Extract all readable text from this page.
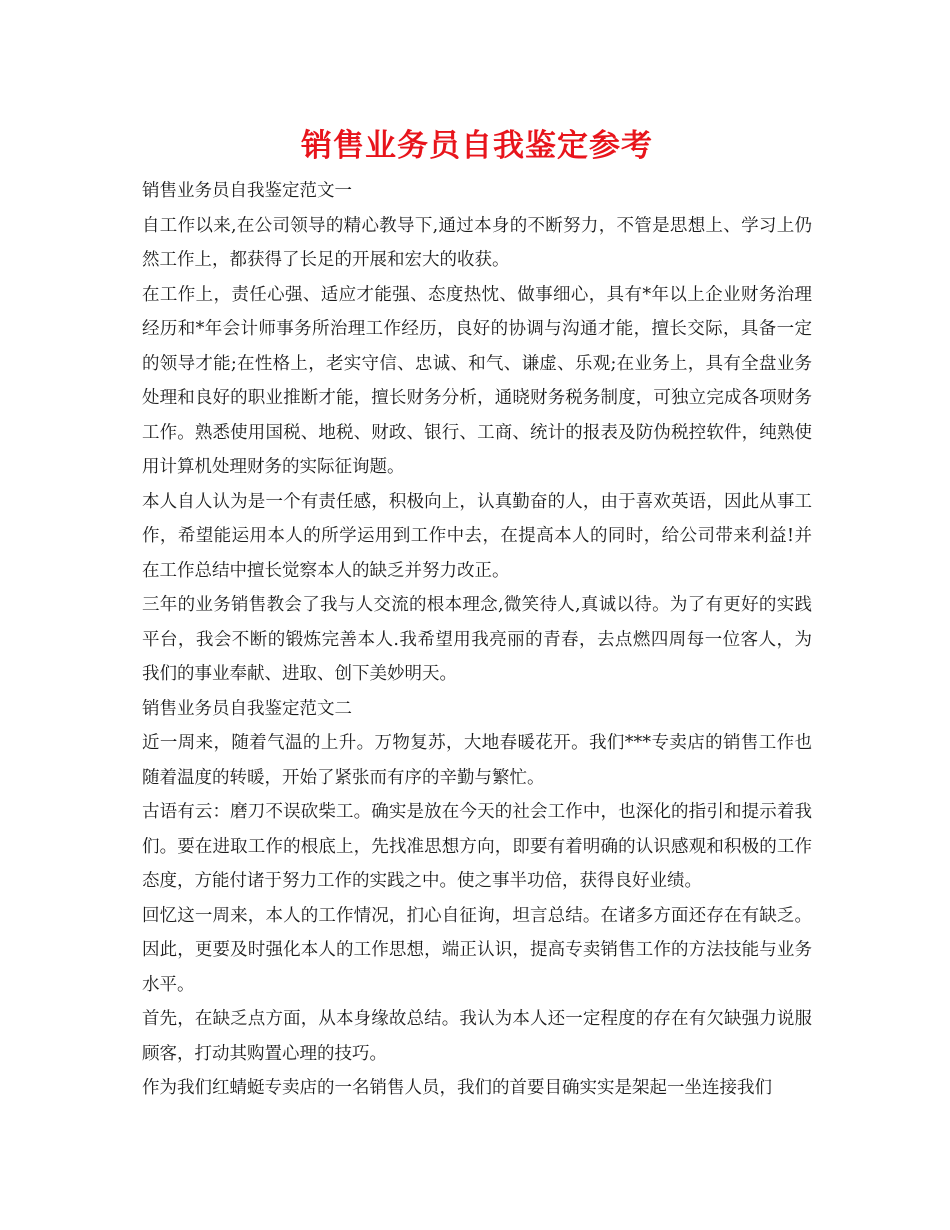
销售业务员自我鉴定参考

销售业务员自我鉴定范文一

自工作以来,在公司领导的精心教导下,通过本身的不断努力，不管是思想上、学习上仍然工作上，都获得了长足的开展和宏大的收获。

在工作上，责任心强、适应才能强、态度热忱、做事细心，具有*年以上企业财务治理经历和*年会计师事务所治理工作经历，良好的协调与沟通才能，擅长交际，具备一定的领导才能;在性格上，老实守信、忠诚、和气、谦虚、乐观;在业务上，具有全盘业务处理和良好的职业推断才能，擅长财务分析，通晓财务税务制度，可独立完成各项财务工作。熟悉使用国税、地税、财政、银行、工商、统计的报表及防伪税控软件，纯熟使用计算机处理财务的实际征询题。

本人自人认为是一个有责任感，积极向上，认真勤奋的人，由于喜欢英语，因此从事工作，希望能运用本人的所学运用到工作中去，在提高本人的同时，给公司带来利益!并在工作总结中擅长觉察本人的缺乏并努力改正。

三年的业务销售教会了我与人交流的根本理念,微笑待人,真诚以待。为了有更好的实践平台，我会不断的锻炼完善本人.我希望用我亮丽的青春，去点燃四周每一位客人，为我们的事业奉献、进取、创下美妙明天。

销售业务员自我鉴定范文二

近一周来，随着气温的上升。万物复苏，大地春暖花开。我们***专卖店的销售工作也随着温度的转暖，开始了紧张而有序的辛勤与繁忙。

古语有云：磨刀不误砍柴工。确实是放在今天的社会工作中，也深化的指引和提示着我们。要在进取工作的根底上，先找准思想方向，即要有着明确的认识感观和积极的工作态度，方能付诸于努力工作的实践之中。使之事半功倍，获得良好业绩。

回忆这一周来，本人的工作情况，扪心自征询，坦言总结。在诸多方面还存在有缺乏。因此，更要及时强化本人的工作思想，端正认识，提高专卖销售工作的方法技能与业务水平。

首先，在缺乏点方面，从本身缘故总结。我认为本人还一定程度的存在有欠缺强力说服顾客，打动其购置心理的技巧。

作为我们红蜻蜓专卖店的一名销售人员，我们的首要目确实实是架起一坐连接我们
